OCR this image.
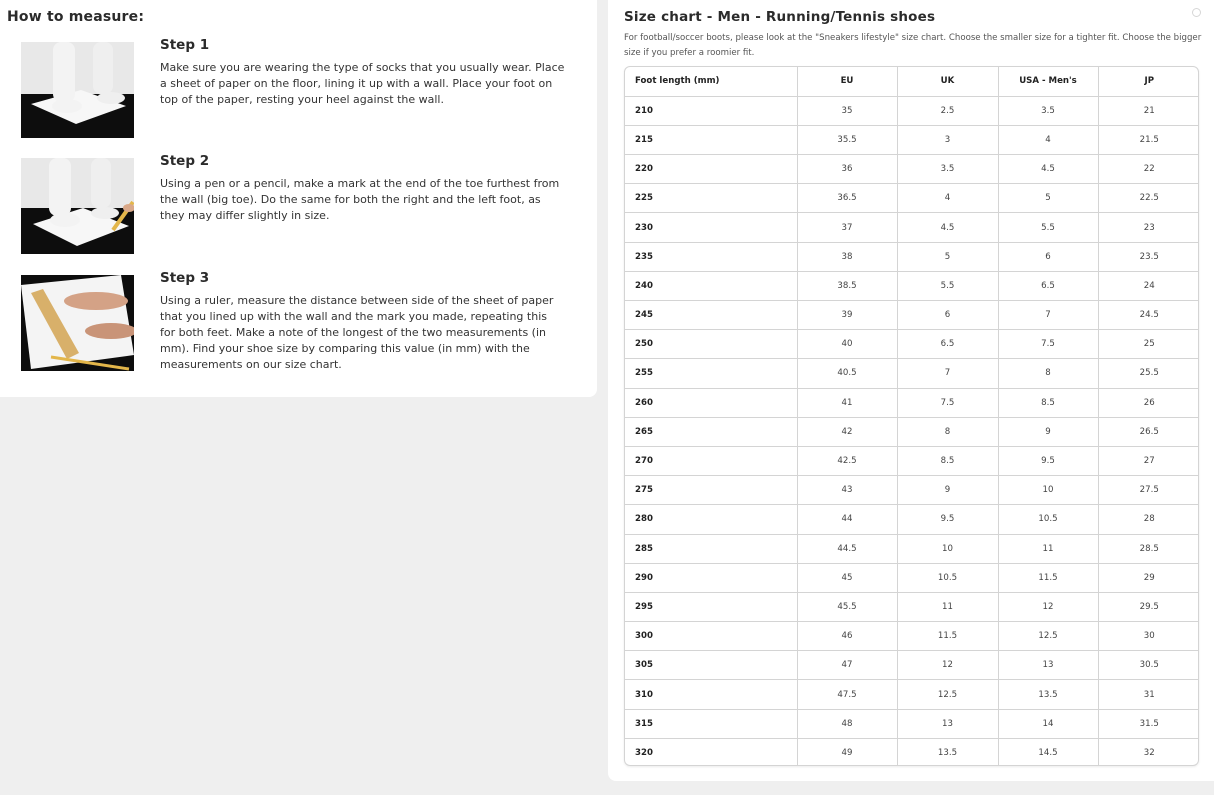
How to measure:
Step 1
Make sure you are wearing the type of socks that you usually wear. Place a sheet of paper on the floor, lining it up with a wall. Place your foot on top of the paper, resting your heel against the wall.
Step 2
Using a pen or a pencil, make a mark at the end of the toe furthest from the wall (big toe). Do the same for both the right and the left foot, as they may differ slightly in size.
Step 3
Using a ruler, measure the distance between side of the sheet of paper that you lined up with the wall and the mark you made, repeating this for both feet. Make a note of the longest of the two measurements (in mm). Find your shoe size by comparing this value (in mm) with the measurements on our size chart.
Size chart - Men - Running/Tennis shoes
For football/soccer boots, please look at the "Sneakers lifestyle" size chart. Choose the smaller size for a tighter fit. Choose the bigger size if you prefer a roomier fit.
Foot length (mm)	EU	UK	USA - Men's	JP
210	35	2.5	3.5	21
215	35.5	3	4	21.5
220	36	3.5	4.5	22
225	36.5	4	5	22.5
230	37	4.5	5.5	23
235	38	5	6	23.5
240	38.5	5.5	6.5	24
245	39	6	7	24.5
250	40	6.5	7.5	25
255	40.5	7	8	25.5
260	41	7.5	8.5	26
265	42	8	9	26.5
270	42.5	8.5	9.5	27
275	43	9	10	27.5
280	44	9.5	10.5	28
285	44.5	10	11	28.5
290	45	10.5	11.5	29
295	45.5	11	12	29.5
300	46	11.5	12.5	30
305	47	12	13	30.5
310	47.5	12.5	13.5	31
315	48	13	14	31.5
320	49	13.5	14.5	32
